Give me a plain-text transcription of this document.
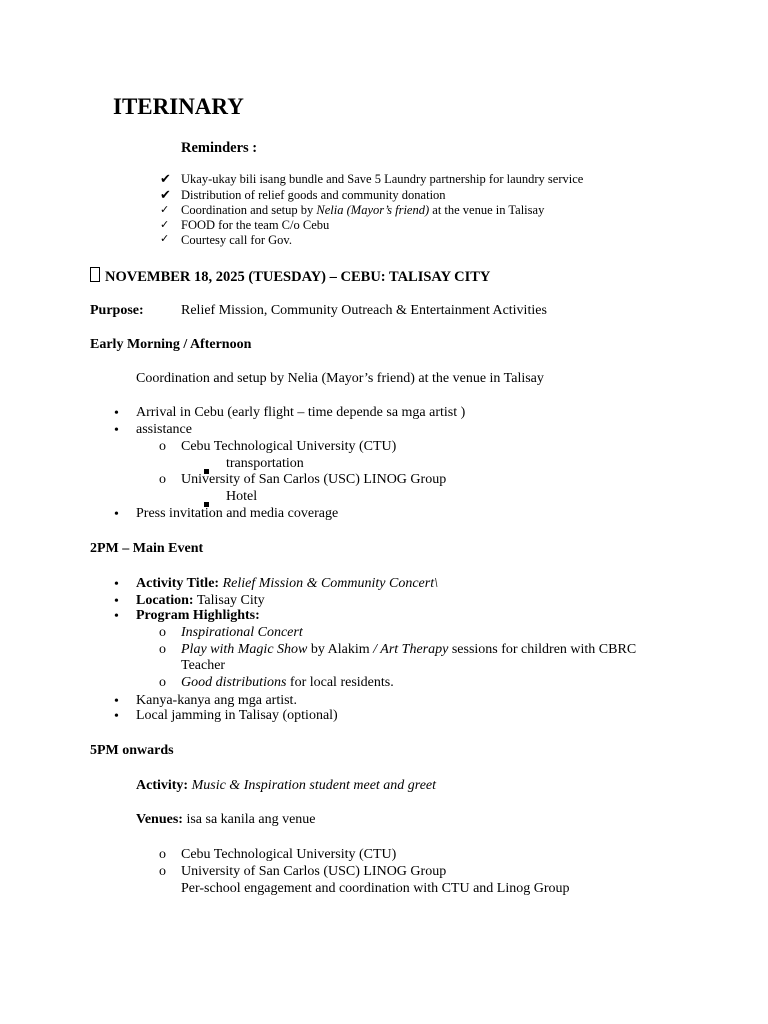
ITERINARY
Reminders :
✔ Ukay-ukay bili isang bundle and Save 5 Laundry partnership for laundry service
✔ Distribution of relief goods and community donation
✓ Coordination and setup by Nelia (Mayor’s friend) at the venue in Talisay
✓ FOOD for the team C/o Cebu
✓ Courtesy call for Gov.
NOVEMBER 18, 2025 (TUESDAY) – CEBU: TALISAY CITY
Purpose:	Relief Mission, Community Outreach & Entertainment Activities
Early Morning / Afternoon
Coordination and setup by Nelia (Mayor’s friend) at the venue in Talisay
• Arrival in Cebu (early flight – time depende sa mga artist )
• assistance
o Cebu Technological University (CTU)
transportation
o University of San Carlos (USC) LINOG Group
Hotel
• Press invitation and media coverage
2PM – Main Event
• Activity Title: Relief Mission & Community Concert\
• Location: Talisay City
• Program Highlights:
o Inspirational Concert
o Play with Magic Show by Alakim / Art Therapy sessions for children with CBRC
Teacher
o Good distributions for local residents.
• Kanya-kanya ang mga artist.
• Local jamming in Talisay (optional)
5PM onwards
Activity: Music & Inspiration student meet and greet
Venues: isa sa kanila ang venue
o Cebu Technological University (CTU)
o University of San Carlos (USC) LINOG Group
Per-school engagement and coordination with CTU and Linog Group
